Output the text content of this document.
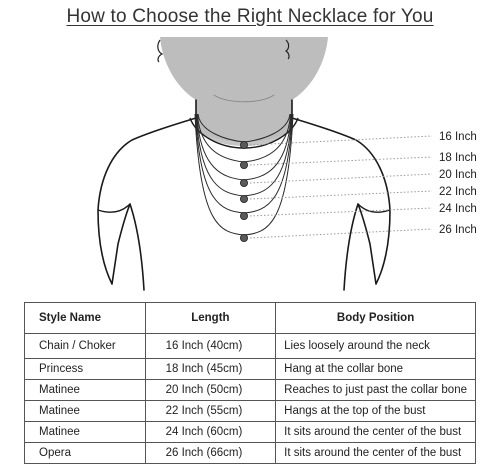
How to Choose the Right Necklace for You
16 Inch
18 Inch
20 Inch
22 Inch
24 Inch
26 Inch
Style Name	Length	Body Position
Chain / Choker	16 Inch (40cm)	Lies loosely around the neck
Princess	18 Inch (45cm)	Hang at the collar bone
Matinee	20 Inch (50cm)	Reaches to just past the collar bone
Matinee	22 Inch (55cm)	Hangs at the top of the bust
Matinee	24 Inch (60cm)	It sits around the center of the bust
Opera	26 Inch (66cm)	It sits around the center of the bust
